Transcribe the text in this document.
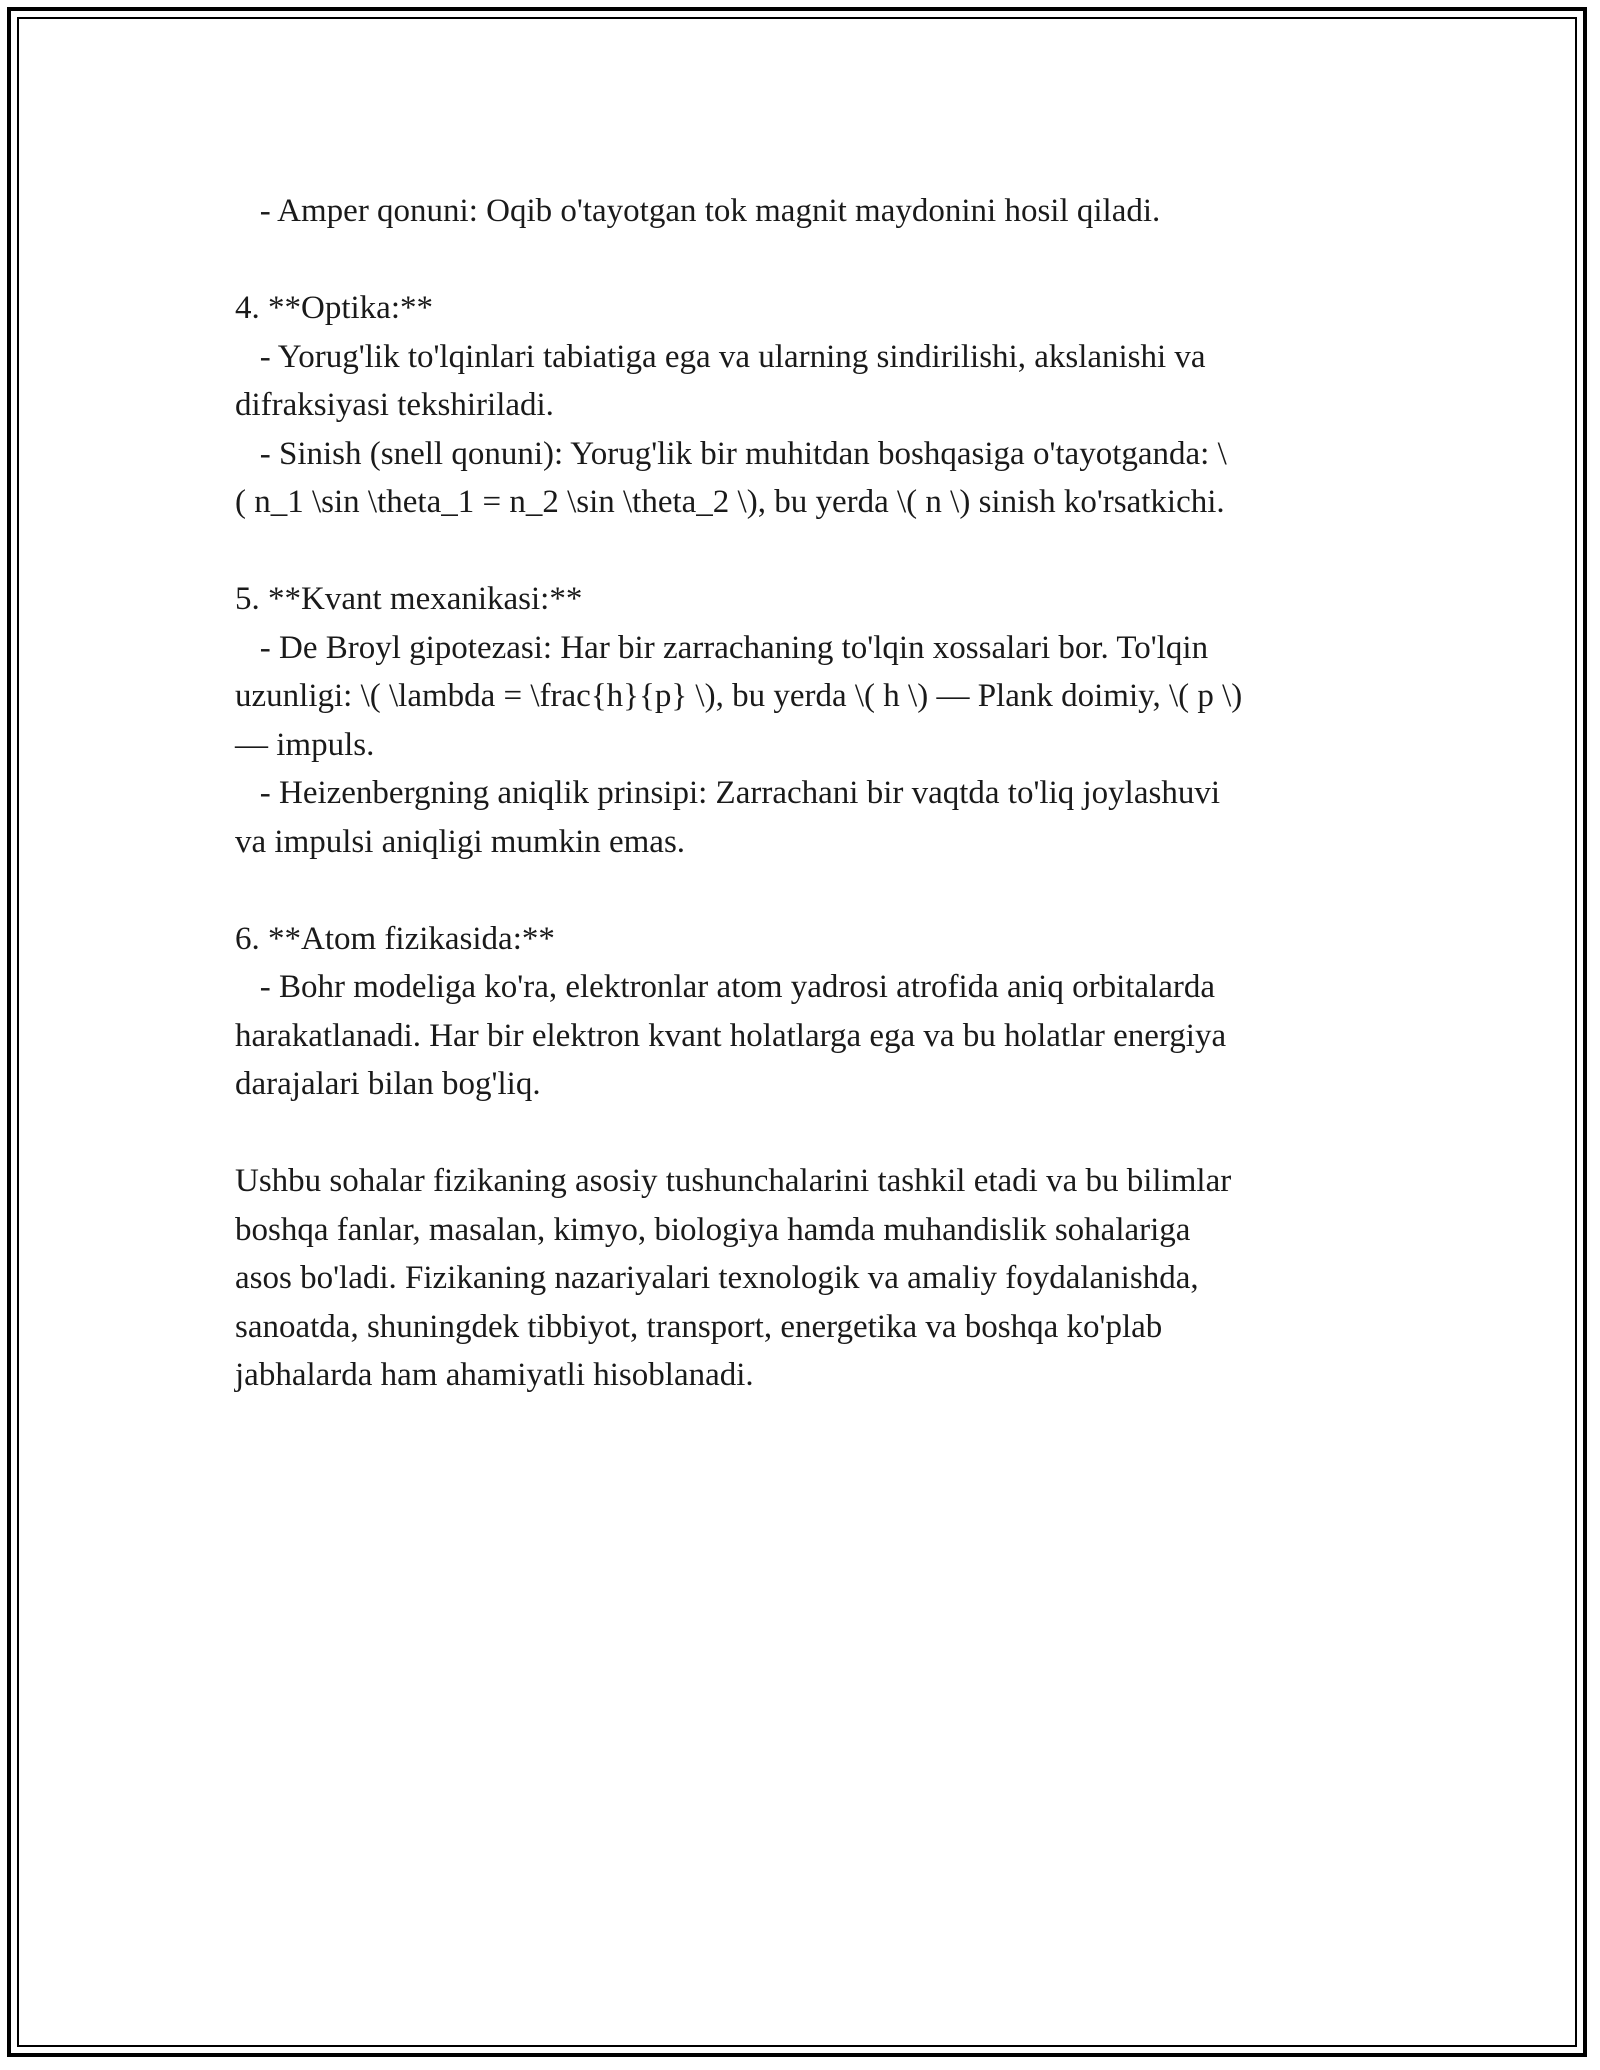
- Amper qonuni: Oqib o'tayotgan tok magnit maydonini hosil qiladi.
4. **Optika:**
- Yorug'lik to'lqinlari tabiatiga ega va ularning sindirilishi, akslanishi va
difraksiyasi tekshiriladi.
- Sinish (snell qonuni): Yorug'lik bir muhitdan boshqasiga o'tayotganda: \
( n_1 \sin \theta_1 = n_2 \sin \theta_2 \), bu yerda \( n \) sinish ko'rsatkichi.
5. **Kvant mexanikasi:**
- De Broyl gipotezasi: Har bir zarrachaning to'lqin xossalari bor. To'lqin
uzunligi: \( \lambda = \frac{h}{p} \), bu yerda \( h \) — Plank doimiy, \( p \)
— impuls.
- Heizenbergning aniqlik prinsipi: Zarrachani bir vaqtda to'liq joylashuvi
va impulsi aniqligi mumkin emas.
6. **Atom fizikasida:**
- Bohr modeliga ko'ra, elektronlar atom yadrosi atrofida aniq orbitalarda
harakatlanadi. Har bir elektron kvant holatlarga ega va bu holatlar energiya
darajalari bilan bog'liq.
Ushbu sohalar fizikaning asosiy tushunchalarini tashkil etadi va bu bilimlar
boshqa fanlar, masalan, kimyo, biologiya hamda muhandislik sohalariga
asos bo'ladi. Fizikaning nazariyalari texnologik va amaliy foydalanishda,
sanoatda, shuningdek tibbiyot, transport, energetika va boshqa ko'plab
jabhalarda ham ahamiyatli hisoblanadi.
